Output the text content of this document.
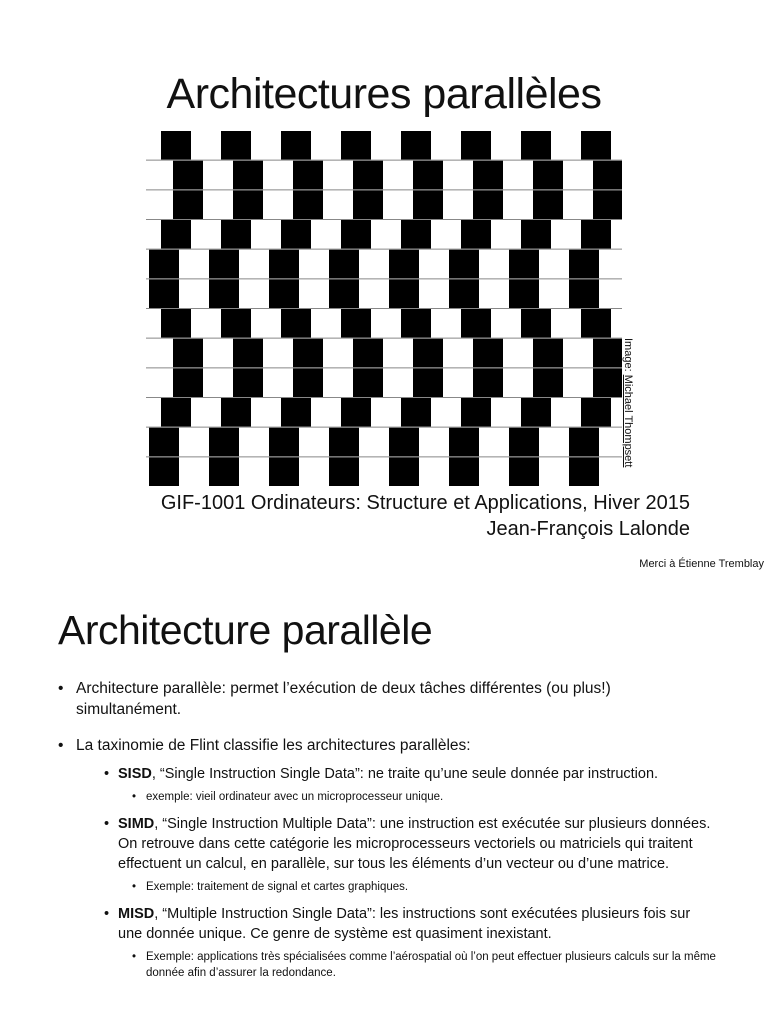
Architectures parallèles
Image: Michael Thompsett
GIF-1001 Ordinateurs: Structure et Applications, Hiver 2015
Jean-François Lalonde
Merci à Étienne Tremblay
Architecture parallèle
• Architecture parallèle: permet l’exécution de deux tâches différentes (ou plus!) simultanément.
• La taxinomie de Flint classifie les architectures parallèles:
• SISD, “Single Instruction Single Data”: ne traite qu’une seule donnée par instruction.
• exemple: vieil ordinateur avec un microprocesseur unique.
• SIMD, “Single Instruction Multiple Data”: une instruction est exécutée sur plusieurs données. On retrouve dans cette catégorie les microprocesseurs vectoriels ou matriciels qui traitent effectuent un calcul, en parallèle, sur tous les éléments d’un vecteur ou d’une matrice.
• Exemple: traitement de signal et cartes graphiques.
• MISD, “Multiple Instruction Single Data”: les instructions sont exécutées plusieurs fois sur une donnée unique. Ce genre de système est quasiment inexistant.
• Exemple: applications très spécialisées comme l’aérospatial où l’on peut effectuer plusieurs calculs sur la même donnée afin d’assurer la redondance.
